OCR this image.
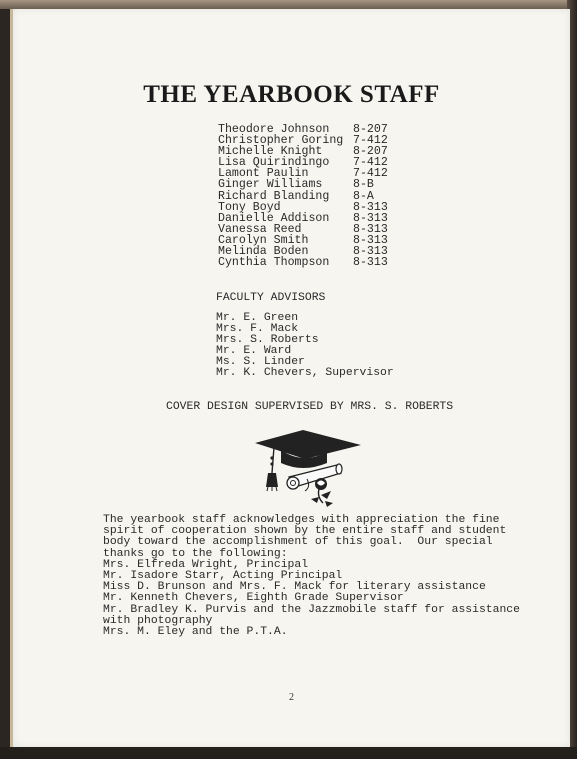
THE YEARBOOK STAFF
Theodore Johnson	8-207
Christopher Goring 7-412
Michelle Knight	8-207
Lisa Quirindingo	7-412
Lamont Paulin	7-412
Ginger Williams	8-B
Richard Blanding	8-A
Tony Boyd	8-313
Danielle Addison	8-313
Vanessa Reed	8-313
Carolyn Smith	8-313
Melinda Boden	8-313
Cynthia Thompson	8-313
FACULTY ADVISORS
Mr. E. Green
Mrs. F. Mack
Mrs. S. Roberts
Mr. E. Ward
Ms. S. Linder
Mr. K. Chevers, Supervisor
COVER DESIGN SUPERVISED BY MRS. S. ROBERTS
The yearbook staff acknowledges with appreciation the fine
spirit of cooperation shown by the entire staff and student
body toward the accomplishment of this goal.  Our special
thanks go to the following:
Mrs. Elfreda Wright, Principal
Mr. Isadore Starr, Acting Principal
Miss D. Brunson and Mrs. F. Mack for literary assistance
Mr. Kenneth Chevers, Eighth Grade Supervisor
Mr. Bradley K. Purvis and the Jazzmobile staff for assistance
with photography
Mrs. M. Eley and the P.T.A.
2
